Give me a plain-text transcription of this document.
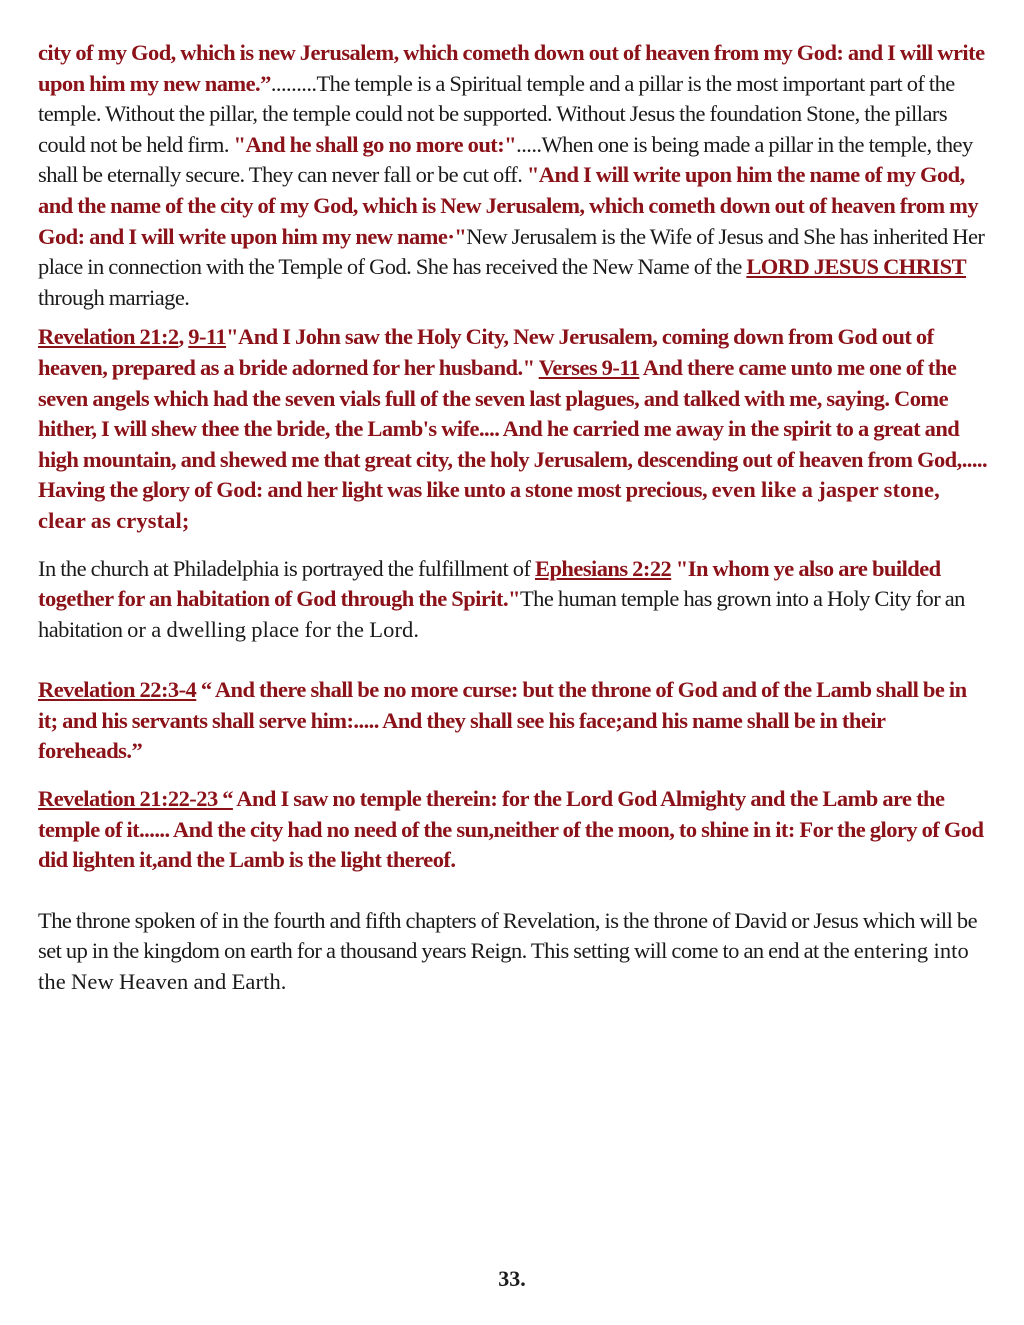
city of my God, which is new Jerusalem, which cometh down out of heaven from my God: and I will write upon him my new name.”.........The temple is a Spiritual temple and a pillar is the most important part of the temple. Without the pillar, the temple could not be supported. Without Jesus the foundation Stone, the pillars could not be held firm. "And he shall go no more out:".....When one is being made a pillar in the temple, they shall be eternally secure. They can never fall or be cut off. "And I will write upon him the name of my God, and the name of the city of my God, which is New Jerusalem, which cometh down out of heaven from my God: and I will write upon him my new name·"New Jerusalem is the Wife of Jesus and She has inherited Her place in connection with the Temple of God. She has received the New Name of the LORD JESUS CHRIST through marriage.

Revelation 21:2, 9-11"And I John saw the Holy City, New Jerusalem, coming down from God out of heaven, prepared as a bride adorned for her husband." Verses 9-11 And there came unto me one of the seven angels which had the seven vials full of the seven last plagues, and talked with me, saying. Come hither, I will shew thee the bride, the Lamb's wife.... And he carried me away in the spirit to a great and high mountain, and shewed me that great city, the holy Jerusalem, descending out of heaven from God,..... Having the glory of God: and her light was like unto a stone most precious, even like a jasper stone, clear as crystal;

In the church at Philadelphia is portrayed the fulfillment of Ephesians 2:22 "In whom ye also are builded together for an habitation of God through the Spirit."The human temple has grown into a Holy City for an habitation or a dwelling place for the Lord.

Revelation 22:3-4 “ And there shall be no more curse: but the throne of God and of the Lamb shall be in it; and his servants shall serve him:..... And they shall see his face;and his name shall be in their foreheads.”

Revelation 21:22-23 “ And I saw no temple therein: for the Lord God Almighty and the Lamb are the temple of it...... And the city had no need of the sun,neither of the moon, to shine in it: For the glory of God did lighten it,and the Lamb is the light thereof.

The throne spoken of in the fourth and fifth chapters of Revelation, is the throne of David or Jesus which will be set up in the kingdom on earth for a thousand years Reign. This setting will come to an end at the entering into the New Heaven and Earth.

33.
